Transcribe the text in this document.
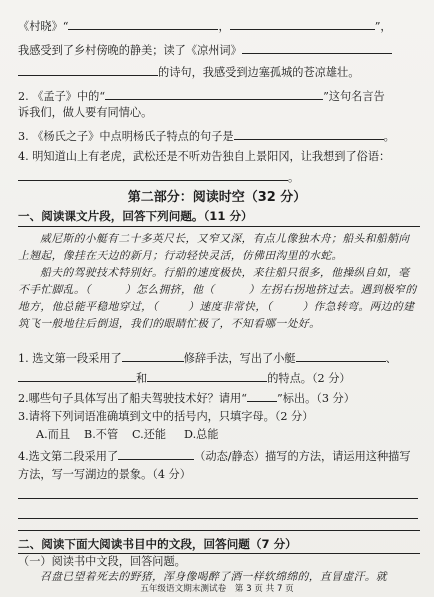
《村晓》“	，	”，
我感受到了乡村傍晚的静美；读了《凉州词》
的诗句，我感受到边塞孤城的苍凉雄壮。
2. 《孟子》中的“	”这句名言告
诉我们，做人要有同情心。
3. 《杨氏之子》中点明杨氏子特点的句子是	。
4. 明知道山上有老虎，武松还是不听劝告独自上景阳冈，让我想到了俗语：
。
第二部分：阅读时空（32 分）
一、阅读课文片段，回答下列问题。（11 分）

威尼斯的小艇有二十多英尺长，又窄又深，有点儿像独木舟；船头和船艄向上翘起，像挂在天边的新月；行动轻快灵活，仿佛田沟里的水蛇。

船夫的驾驶技术特别好。行船的速度极快，来往船只很多，他操纵自如，毫不手忙脚乱。（	）怎么拥挤，他（	）左拐右拐地挤过去。遇到极窄的地方，他总能平稳地穿过，（	）速度非常快，（	）作急转弯。两边的建筑飞一般地往后倒退，我们的眼睛忙极了，不知看哪一处好。

1. 选文第一段采用了	修辞手法，写出了小艇	、
和	的特点。（2 分）
2.哪些句子具体写出了船夫驾驶技术好？请用“	”标出。（3 分）
3.请将下列词语准确填到文中的括号内，只填字母。（2 分）
A.而且 B.不管 C.还能 D.总能
4.选文第二段采用了	（动态/静态）描写的方法，请运用这种描写
方法，写一写湖边的景象。（4 分）
二、阅读下面大阅读书目中的文段，回答问题（7 分）
（一）阅读书中文段，回答问题。

召盘已望着死去的野猪，浑身像喝醉了酒一样软绵绵的，直冒虚汗。就

五年级语文期末测试卷　第 3 页 共 7 页
